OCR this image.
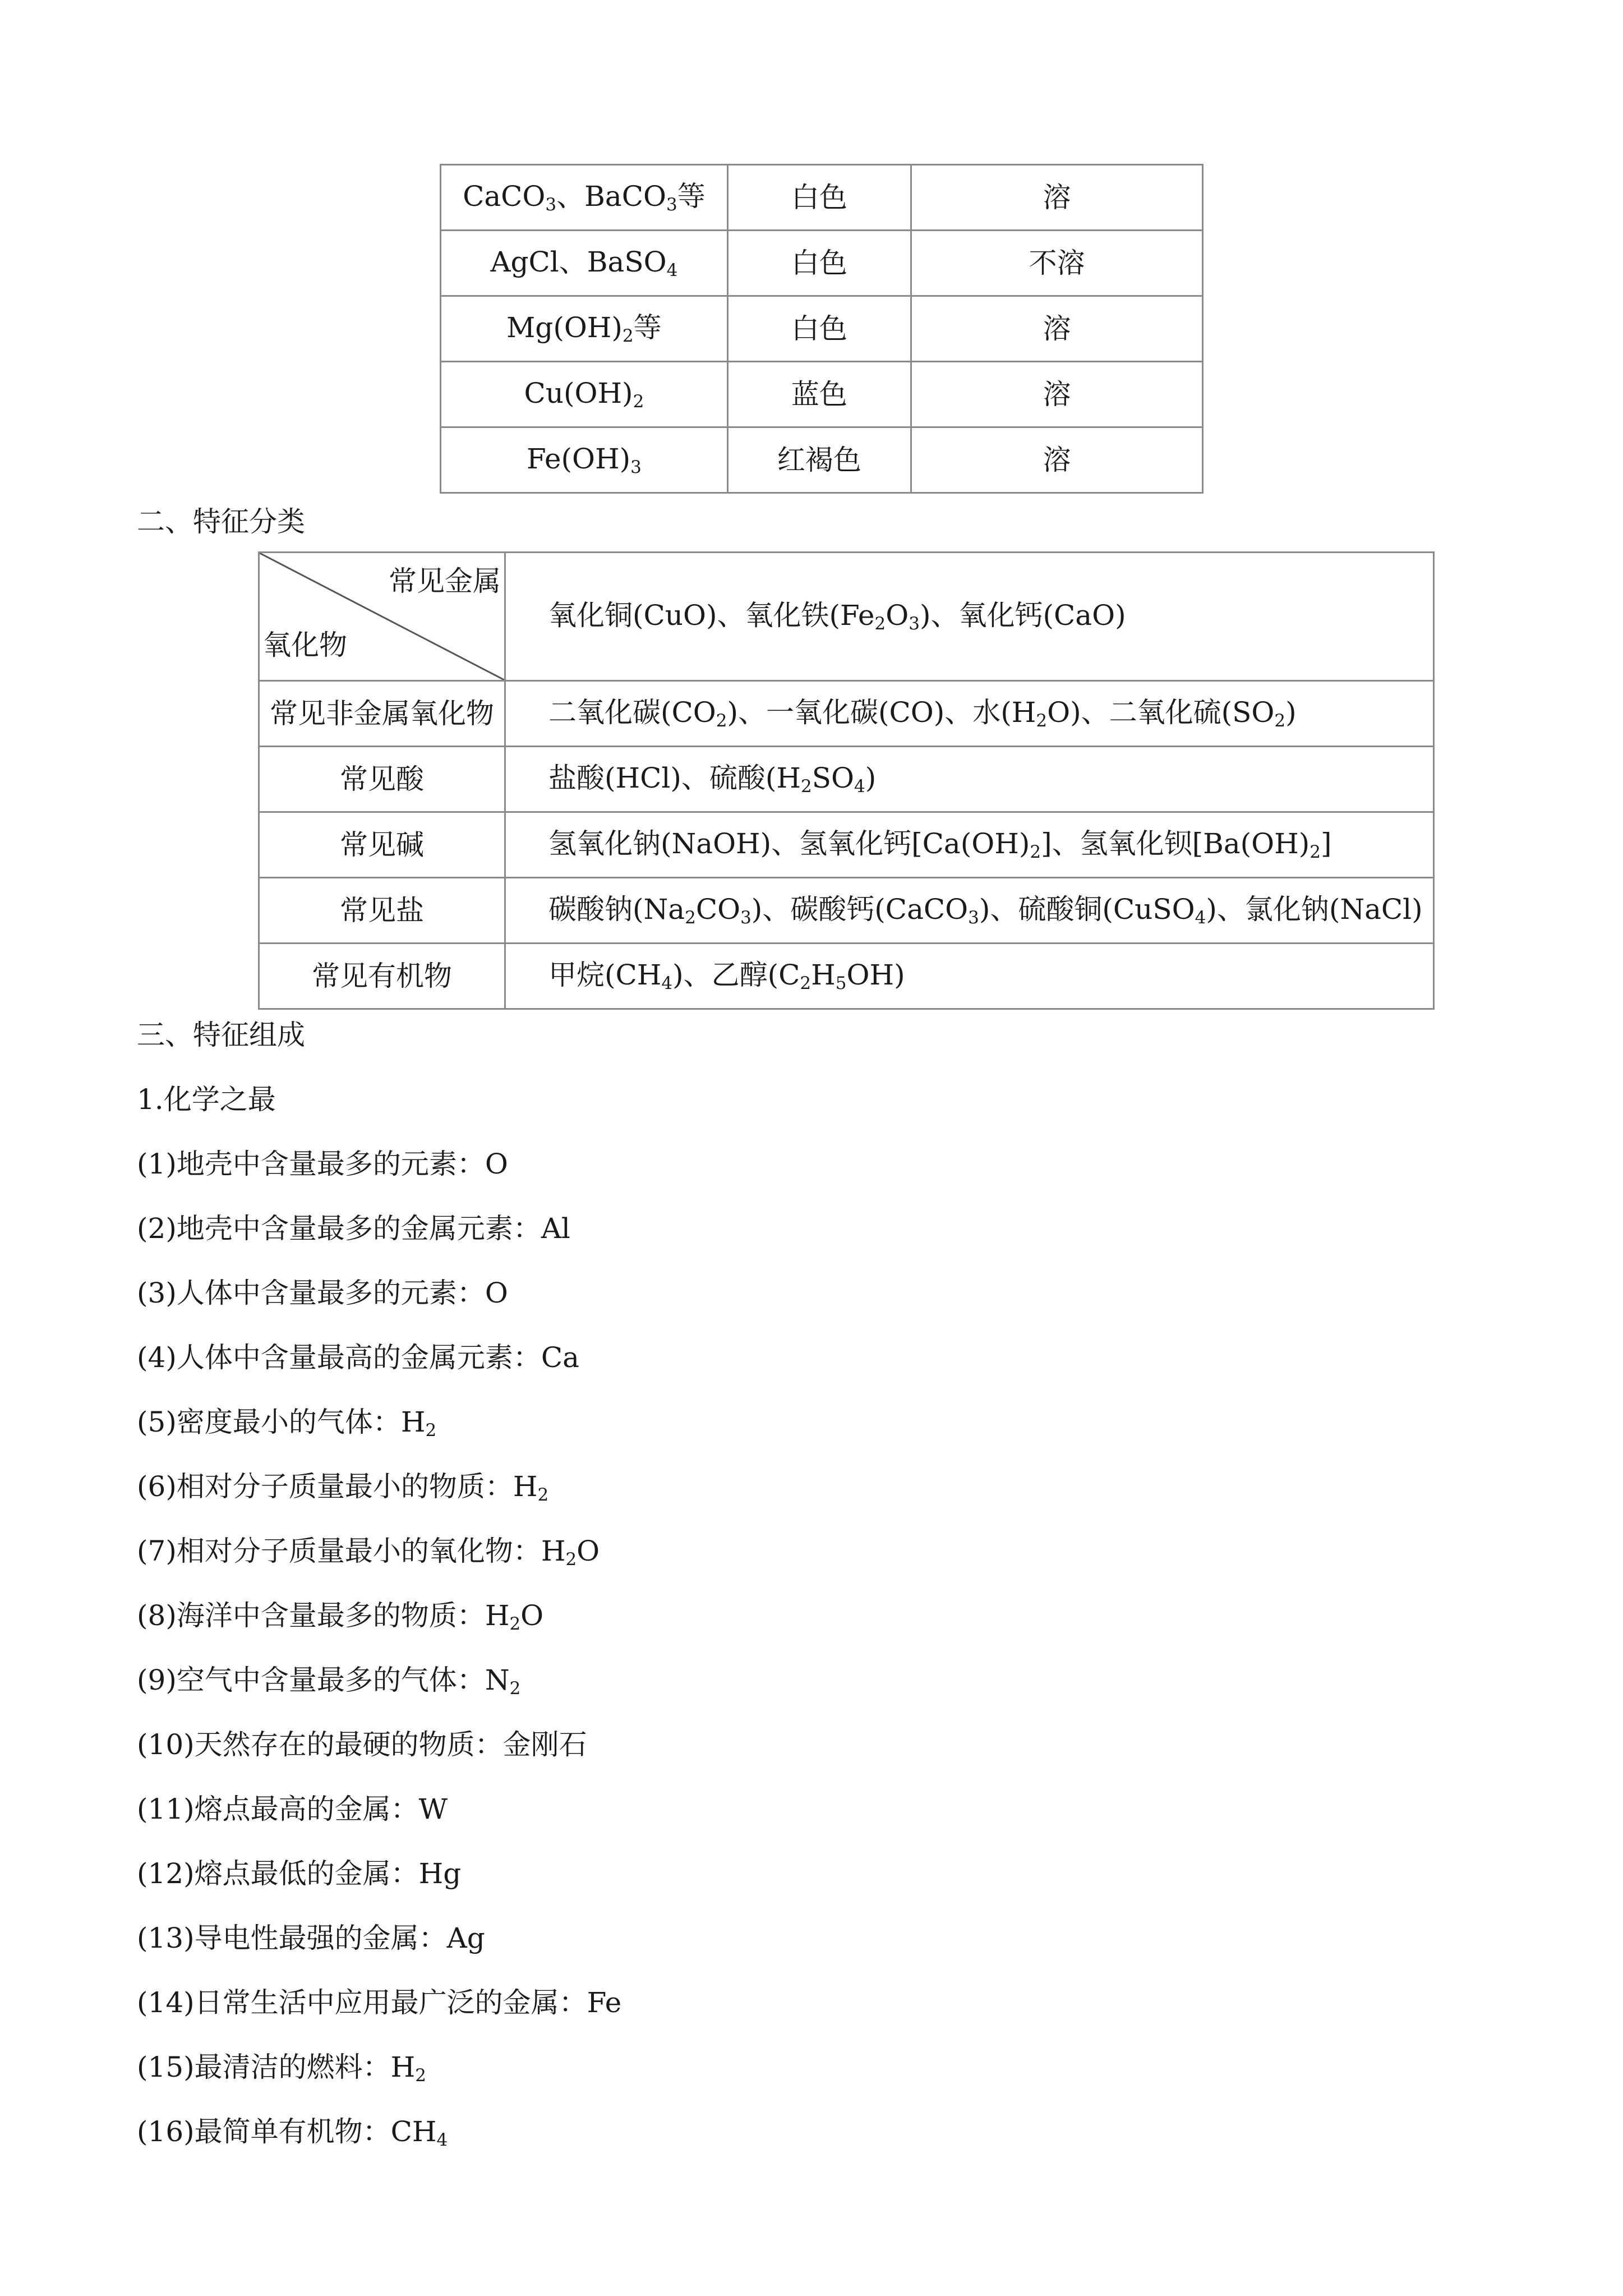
CaCO$_3$、BaCO$_3$等	白色	溶
AgCl、BaSO$_4$	白色	不溶
$Mg(OH)_2$等	白色	溶
$Cu(OH)_2$	蓝色	溶
$Fe(OH)_3$	红褐色	溶
二、特征分类
常见金属
氧化物	氧化铜(CuO)、氧化铁$(Fe_2O_3)$、氧化钙(CaO)
常见非金属氧化物	二氧化碳$(CO_2)$、一氧化碳(CO)、水$(H_2O)$、二氧化硫$(SO_2)$
常见酸	盐酸(HCl)、硫酸$(H_2SO_4)$
常见碱	氢氧化钠(NaOH)、氢氧化钙$[Ca(OH)_2]$、氢氧化钡$[Ba(OH)_2]$
常见盐	碳酸钠$(Na_2CO_3)$、碳酸钙(CaCO$_3$)、硫酸铜(CuSO$_4$)、氯化钠(NaCl)
常见有机物	甲烷$(CH_4)$、乙醇$(C_2H_5OH)$
三、特征组成
1.化学之最
(1)地壳中含量最多的元素：O
(2)地壳中含量最多的金属元素：Al
(3)人体中含量最多的元素：O
(4)人体中含量最高的金属元素：Ca
(5)密度最小的气体：$H_2$
(6)相对分子质量最小的物质：$H_2$
(7)相对分子质量最小的氧化物：$H_2O$
(8)海洋中含量最多的物质：$H_2O$
(9)空气中含量最多的气体：$N_2$
(10)天然存在的最硬的物质：金刚石
(11)熔点最高的金属：W
(12)熔点最低的金属：Hg
(13)导电性最强的金属：Ag
(14)日常生活中应用最广泛的金属：Fe
(15)最清洁的燃料：$H_2$
(16)最简单有机物：$CH_4$
